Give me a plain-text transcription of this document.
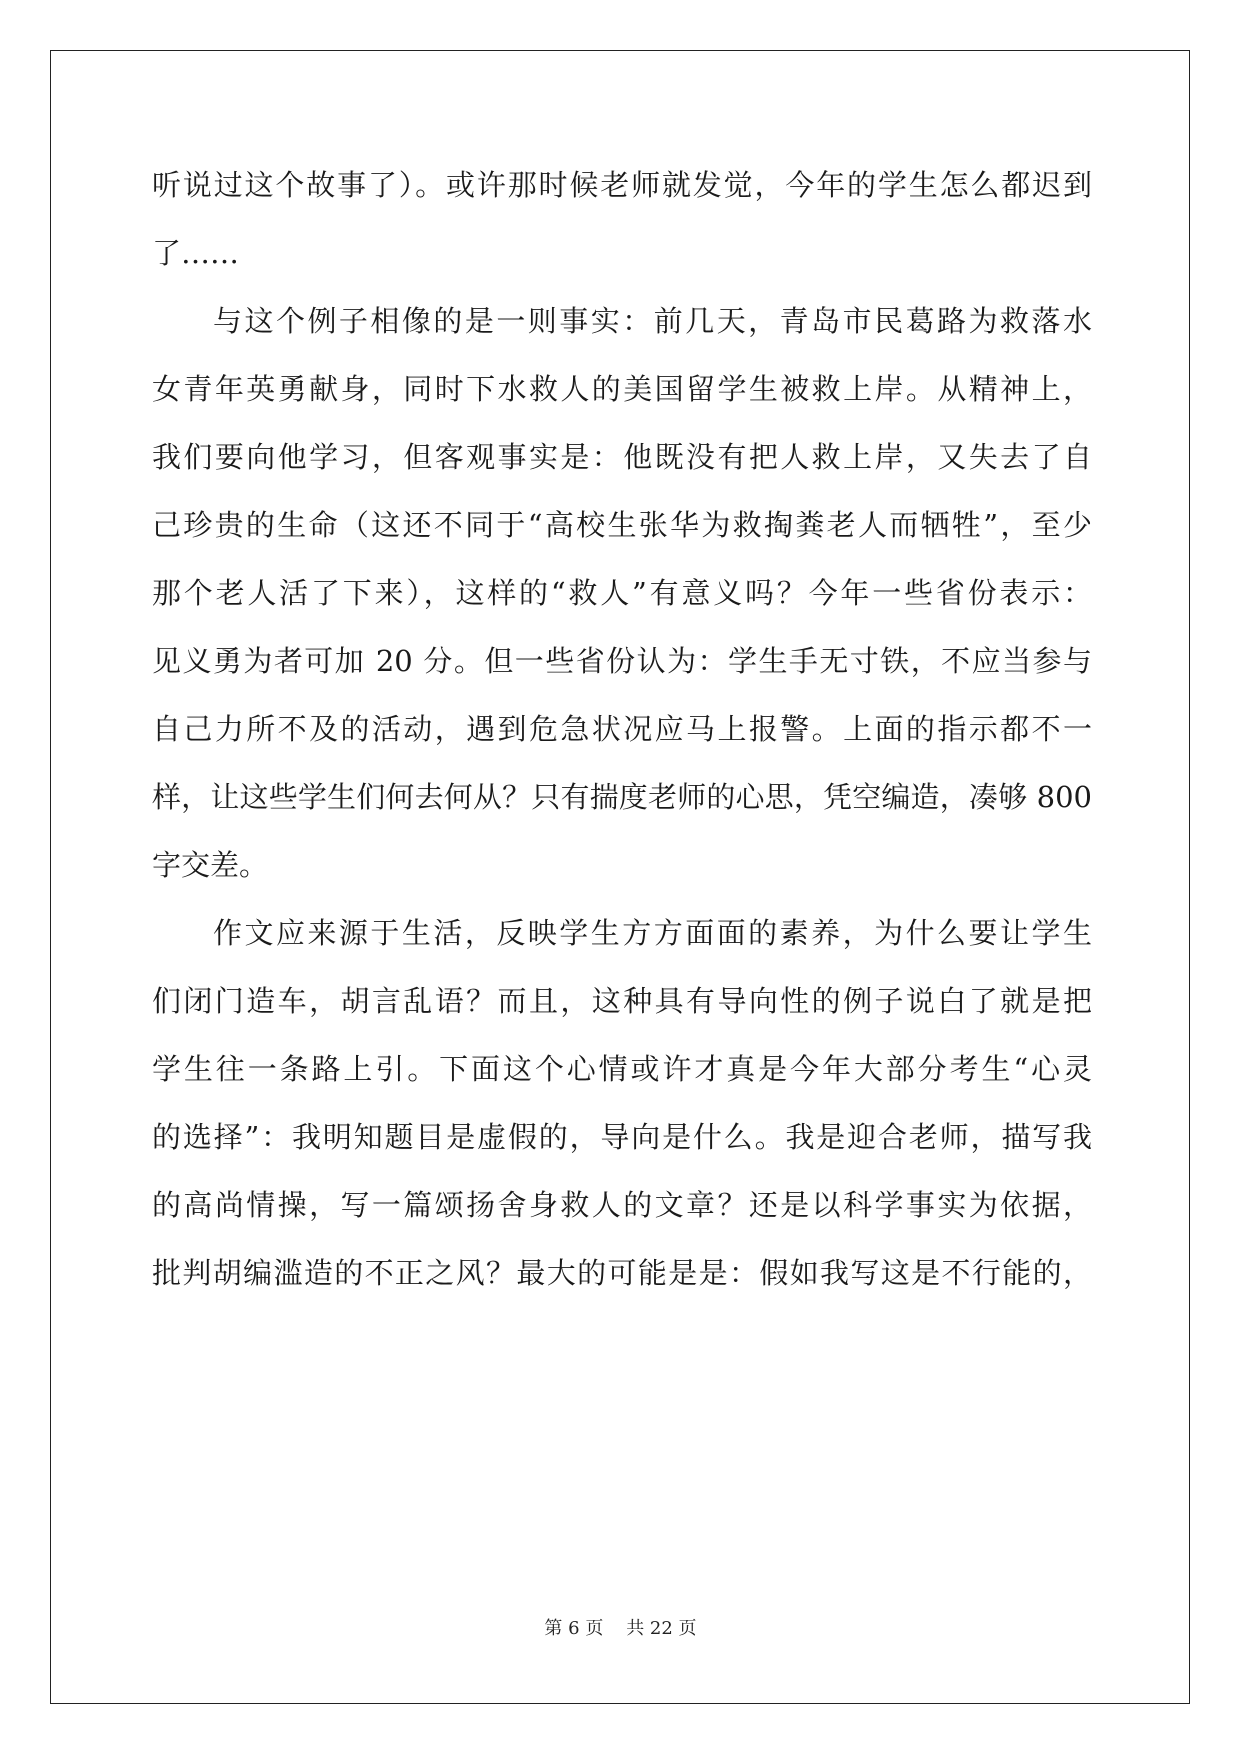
听说过这个故事了）。或许那时候老师就发觉，今年的学生怎么都迟到
了……
与这个例子相像的是一则事实：前几天，青岛市民葛路为救落水
女青年英勇献身，同时下水救人的美国留学生被救上岸。从精神上，
我们要向他学习，但客观事实是：他既没有把人救上岸，又失去了自
己珍贵的生命（这还不同于“高校生张华为救掏粪老人而牺牲”，至少
那个老人活了下来），这样的“救人”有意义吗？今年一些省份表示：
见义勇为者可加 20 分。但一些省份认为：学生手无寸铁，不应当参与
自己力所不及的活动，遇到危急状况应马上报警。上面的指示都不一
样，让这些学生们何去何从？只有揣度老师的心思，凭空编造，凑够 800
字交差。
作文应来源于生活，反映学生方方面面的素养，为什么要让学生
们闭门造车，胡言乱语？而且，这种具有导向性的例子说白了就是把
学生往一条路上引。下面这个心情或许才真是今年大部分考生“心灵
的选择”：我明知题目是虚假的，导向是什么。我是迎合老师，描写我
的高尚情操，写一篇颂扬舍身救人的文章？还是以科学事实为依据，
批判胡编滥造的不正之风？最大的可能是是：假如我写这是不行能的，
第 6 页    共 22 页
